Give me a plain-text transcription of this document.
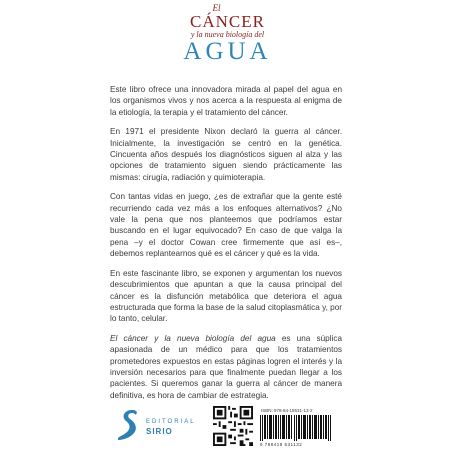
El
CÁNCER
y la nueva biología del
AGUA

Este libro ofrece una innovadora mirada al papel del agua en los organismos vivos y nos acerca a la respuesta al enigma de la etiología, la terapia y el tratamiento del cáncer.

En 1971 el presidente Nixon declaró la guerra al cáncer. Inicialmente, la investigación se centró en la genética. Cincuenta años después los diagnósticos siguen al alza y las opciones de tratamiento siguen siendo prácticamente las mismas: cirugía, radiación y quimioterapia.

Con tantas vidas en juego, ¿es de extrañar que la gente esté recurriendo cada vez más a los enfoques alternativos? ¿No vale la pena que nos planteemos que podríamos estar buscando en el lugar equivocado? En caso de que valga la pena –y el doctor Cowan cree firmemente que así es–, debemos replantearnos qué es el cáncer y qué es la vida.

En este fascinante libro, se exponen y argumentan los nuevos descubrimientos que apuntan a que la causa principal del cáncer es la disfunción metabólica que deteriora el agua estructurada que forma la base de la salud citoplasmática y, por lo tanto, celular.

El cáncer y la nueva biología del agua es una súplica apasionada de un médico para que los tratamientos prometedores expuestos en estas páginas logren el interés y la inversión necesarios para que finalmente puedan llegar a los pacientes. Si queremos ganar la guerra al cáncer de manera definitiva, es hora de cambiar de estrategia.

EDITORIAL
SIRIO
ISBN: 978-84-18531-13-2
9 788418 531132
